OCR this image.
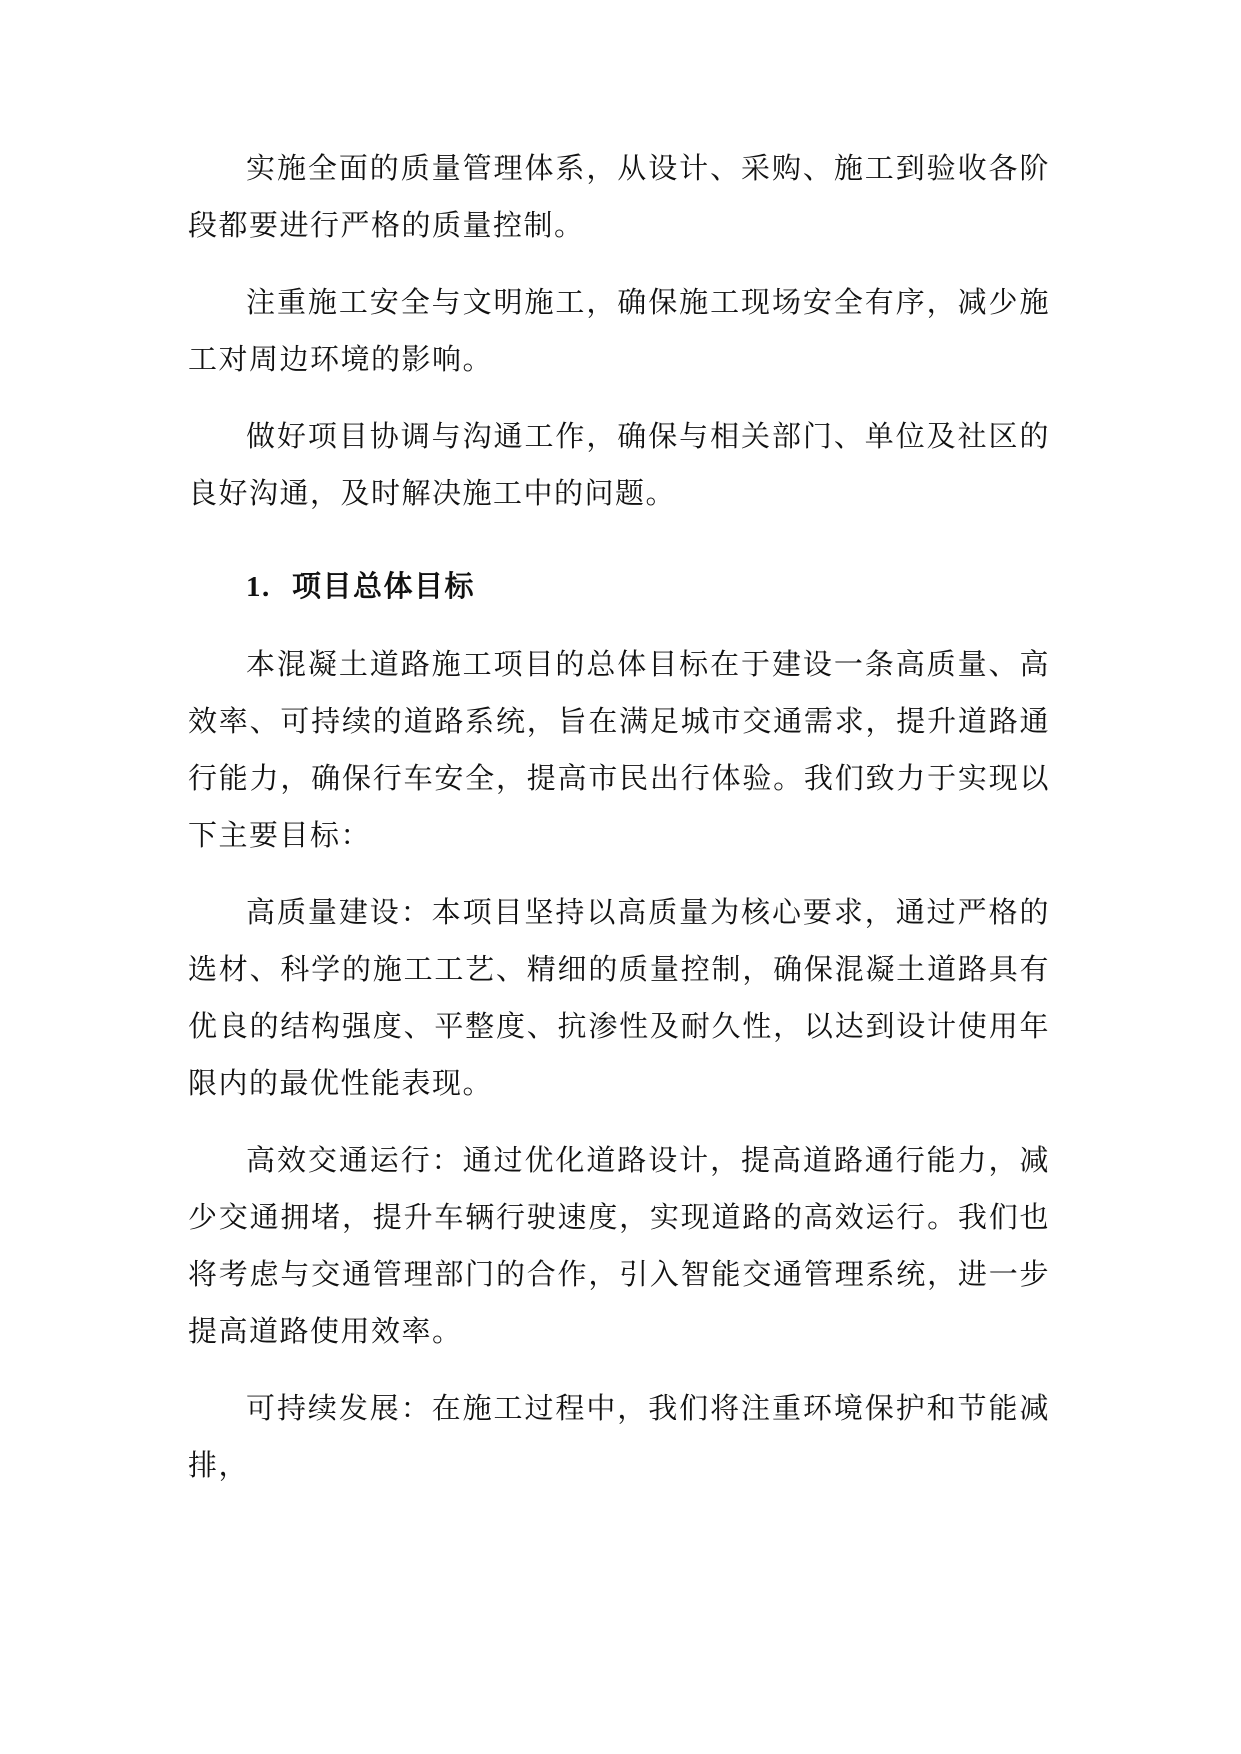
实施全面的质量管理体系，从设计、采购、施工到验收各阶段都要进行严格的质量控制。

注重施工安全与文明施工，确保施工现场安全有序，减少施工对周边环境的影响。

做好项目协调与沟通工作，确保与相关部门、单位及社区的良好沟通，及时解决施工中的问题。

1. 项目总体目标

本混凝土道路施工项目的总体目标在于建设一条高质量、高效率、可持续的道路系统，旨在满足城市交通需求，提升道路通行能力，确保行车安全，提高市民出行体验。我们致力于实现以下主要目标：

高质量建设：本项目坚持以高质量为核心要求，通过严格的选材、科学的施工工艺、精细的质量控制，确保混凝土道路具有优良的结构强度、平整度、抗渗性及耐久性，以达到设计使用年限内的最优性能表现。

高效交通运行：通过优化道路设计，提高道路通行能力，减少交通拥堵，提升车辆行驶速度，实现道路的高效运行。我们也将考虑与交通管理部门的合作，引入智能交通管理系统，进一步提高道路使用效率。

可持续发展：在施工过程中，我们将注重环境保护和节能减排，
